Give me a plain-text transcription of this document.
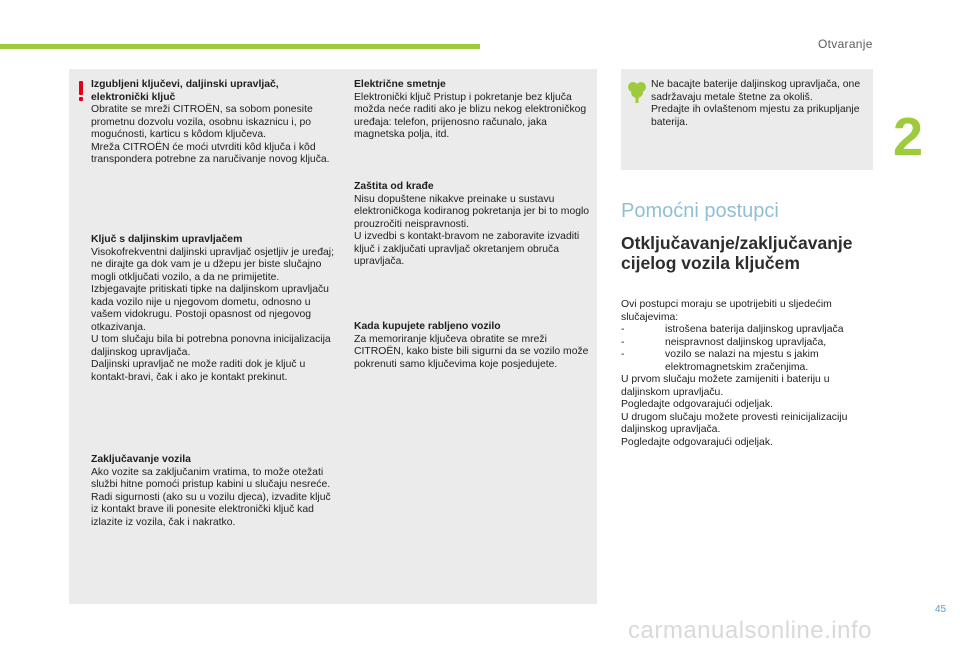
Otvaranje
2
Izgubljeni ključevi, daljinski upravljač, elektronički ključ
Obratite se mreži CITROËN, sa sobom ponesite prometnu dozvolu vozila, osobnu iskaznicu i, po mogućnosti, karticu s kôdom ključeva.
Mreža CITROËN će moći utvrditi kôd ključa i kôd transpondera potrebne za naručivanje novog ključa.
Ključ s daljinskim upravljačem
Visokofrekventni daljinski upravljač osjetljiv je uređaj; ne dirajte ga dok vam je u džepu jer biste slučajno mogli otključati vozilo, a da ne primijetite.
Izbjegavajte pritiskati tipke na daljinskom upravljaču kada vozilo nije u njegovom dometu, odnosno u vašem vidokrugu. Postoji opasnost od njegovog otkazivanja.
U tom slučaju bila bi potrebna ponovna inicijalizacija daljinskog upravljača.
Daljinski upravljač ne može raditi dok je ključ u kontakt-bravi, čak i ako je kontakt prekinut.
Zaključavanje vozila
Ako vozite sa zaključanim vratima, to može otežati službi hitne pomoći pristup kabini u slučaju nesreće.
Radi sigurnosti (ako su u vozilu djeca), izvadite ključ iz kontakt brave ili ponesite elektronički ključ kad izlazite iz vozila, čak i nakratko.
Električne smetnje
Elektronički ključ Pristup i pokretanje bez ključa možda neće raditi ako je blizu nekog elektroničkog uređaja: telefon, prijenosno računalo, jaka magnetska polja, itd.
Zaštita od krađe
Nisu dopuštene nikakve preinake u sustavu elektroničkoga kodiranog pokretanja jer bi to moglo prouzročiti neispravnosti.
U izvedbi s kontakt-bravom ne zaboravite izvaditi ključ i zaključati upravljač okretanjem obruča upravljača.
Kada kupujete rabljeno vozilo
Za memoriranje ključeva obratite se mreži CITROËN, kako biste bili sigurni da se vozilo može pokrenuti samo ključevima koje posjedujete.
Ne bacajte baterije daljinskog upravljača, one sadržavaju metale štetne za okoliš.
Predajte ih ovlaštenom mjestu za prikupljanje baterija.
Pomoćni postupci
Otključavanje/zaključavanje cijelog vozila ključem
Ovi postupci moraju se upotrijebiti u sljedećim slučajevima:
- istrošena baterija daljinskog upravljača
- neispravnost daljinskog upravljača,
- vozilo se nalazi na mjestu s jakim elektromagnetskim zračenjima.
U prvom slučaju možete zamijeniti i bateriju u daljinskom upravljaču.
Pogledajte odgovarajući odjeljak.
U drugom slučaju možete provesti reinicijalizaciju daljinskog upravljača.
Pogledajte odgovarajući odjeljak.
45
carmanualsonline.info
